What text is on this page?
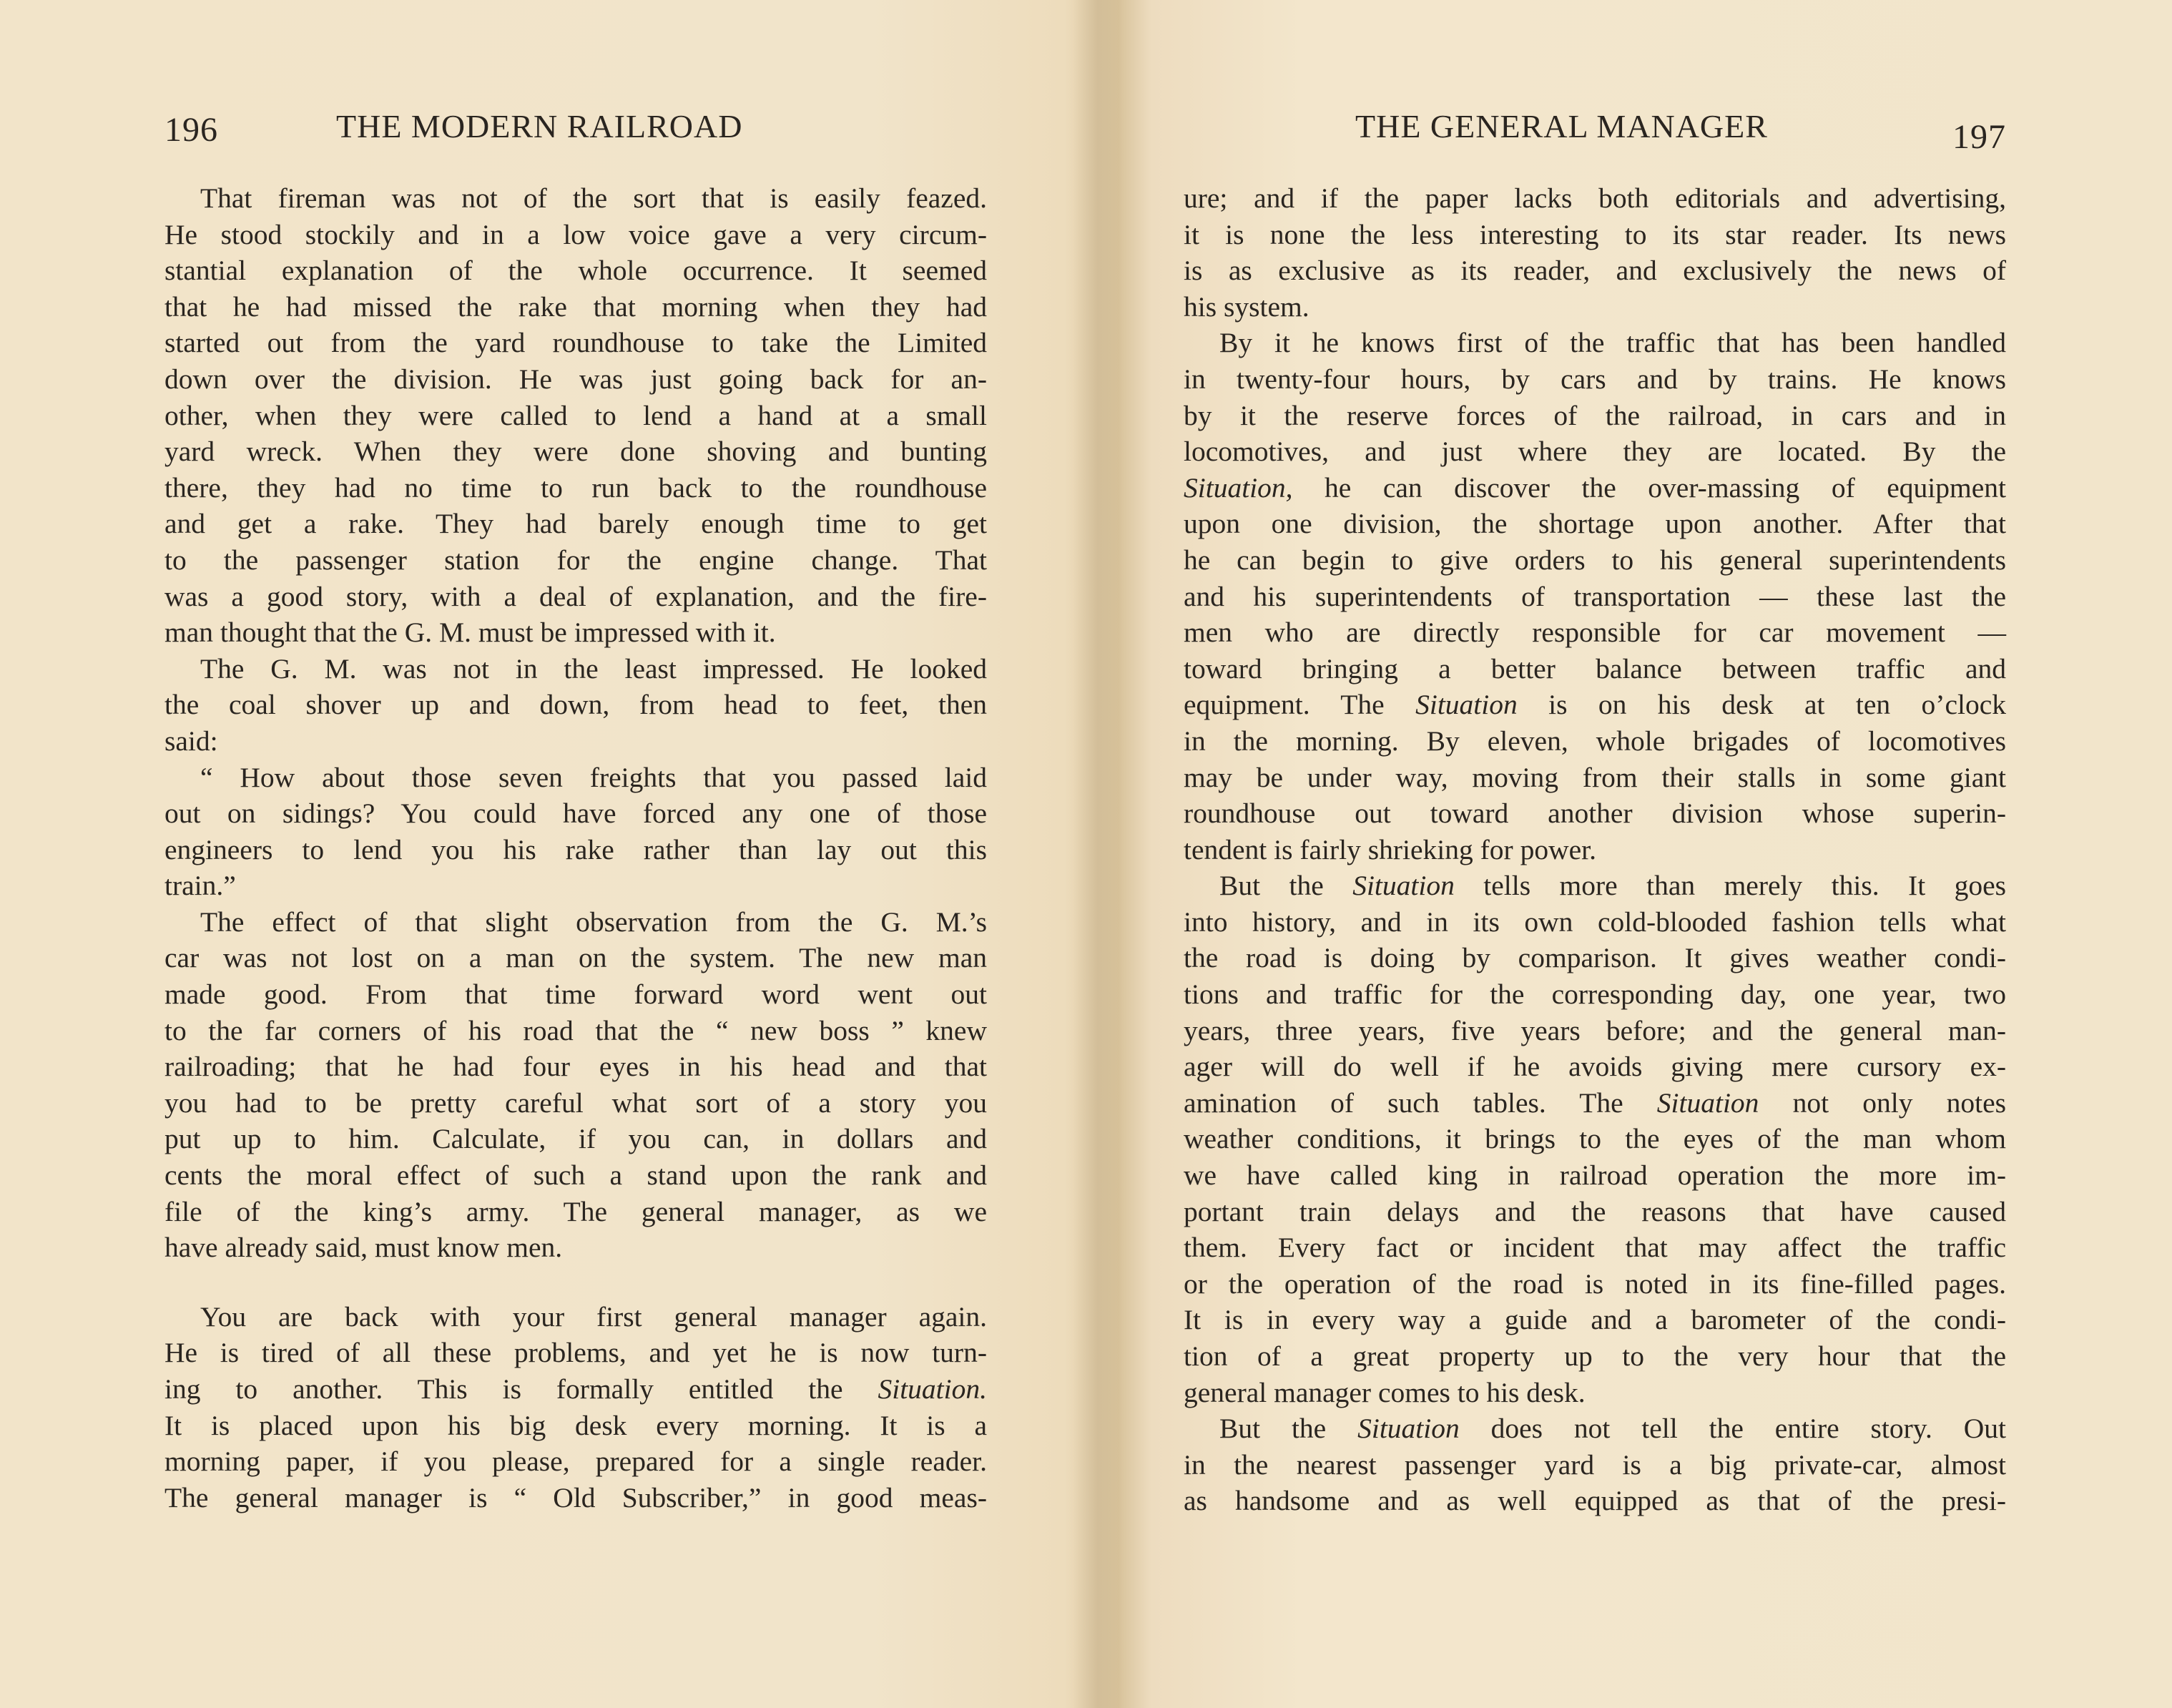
196	THE MODERN RAILROAD
That fireman was not of the sort that is easily feazed.
He stood stockily and in a low voice gave a very circum-
stantial explanation of the whole occurrence. It seemed
that he had missed the rake that morning when they had
started out from the yard roundhouse to take the Limited
down over the division. He was just going back for an-
other, when they were called to lend a hand at a small
yard wreck. When they were done shoving and bunting
there, they had no time to run back to the roundhouse
and get a rake. They had barely enough time to get
to the passenger station for the engine change. That
was a good story, with a deal of explanation, and the fire-
man thought that the G. M. must be impressed with it.
The G. M. was not in the least impressed. He looked
the coal shover up and down, from head to feet, then
said:
“ How about those seven freights that you passed laid
out on sidings? You could have forced any one of those
engineers to lend you his rake rather than lay out this
train.”
The effect of that slight observation from the G. M.’s
car was not lost on a man on the system. The new man
made good. From that time forward word went out
to the far corners of his road that the “ new boss ” knew
railroading; that he had four eyes in his head and that
you had to be pretty careful what sort of a story you
put up to him. Calculate, if you can, in dollars and
cents the moral effect of such a stand upon the rank and
file of the king’s army. The general manager, as we
have already said, must know men.
You are back with your first general manager again.
He is tired of all these problems, and yet he is now turn-
ing to another. This is formally entitled the Situation.
It is placed upon his big desk every morning. It is a
morning paper, if you please, prepared for a single reader.
The general manager is “ Old Subscriber,” in good meas-
THE GENERAL MANAGER	197
ure; and if the paper lacks both editorials and advertising,
it is none the less interesting to its star reader. Its news
is as exclusive as its reader, and exclusively the news of
his system.
By it he knows first of the traffic that has been handled
in twenty-four hours, by cars and by trains. He knows
by it the reserve forces of the railroad, in cars and in
locomotives, and just where they are located. By the
Situation, he can discover the over-massing of equipment
upon one division, the shortage upon another. After that
he can begin to give orders to his general superintendents
and his superintendents of transportation — these last the
men who are directly responsible for car movement —
toward bringing a better balance between traffic and
equipment. The Situation is on his desk at ten o’clock
in the morning. By eleven, whole brigades of locomotives
may be under way, moving from their stalls in some giant
roundhouse out toward another division whose superin-
tendent is fairly shrieking for power.
But the Situation tells more than merely this. It goes
into history, and in its own cold-blooded fashion tells what
the road is doing by comparison. It gives weather condi-
tions and traffic for the corresponding day, one year, two
years, three years, five years before; and the general man-
ager will do well if he avoids giving mere cursory ex-
amination of such tables. The Situation not only notes
weather conditions, it brings to the eyes of the man whom
we have called king in railroad operation the more im-
portant train delays and the reasons that have caused
them. Every fact or incident that may affect the traffic
or the operation of the road is noted in its fine-filled pages.
It is in every way a guide and a barometer of the condi-
tion of a great property up to the very hour that the
general manager comes to his desk.
But the Situation does not tell the entire story. Out
in the nearest passenger yard is a big private-car, almost
as handsome and as well equipped as that of the presi-
